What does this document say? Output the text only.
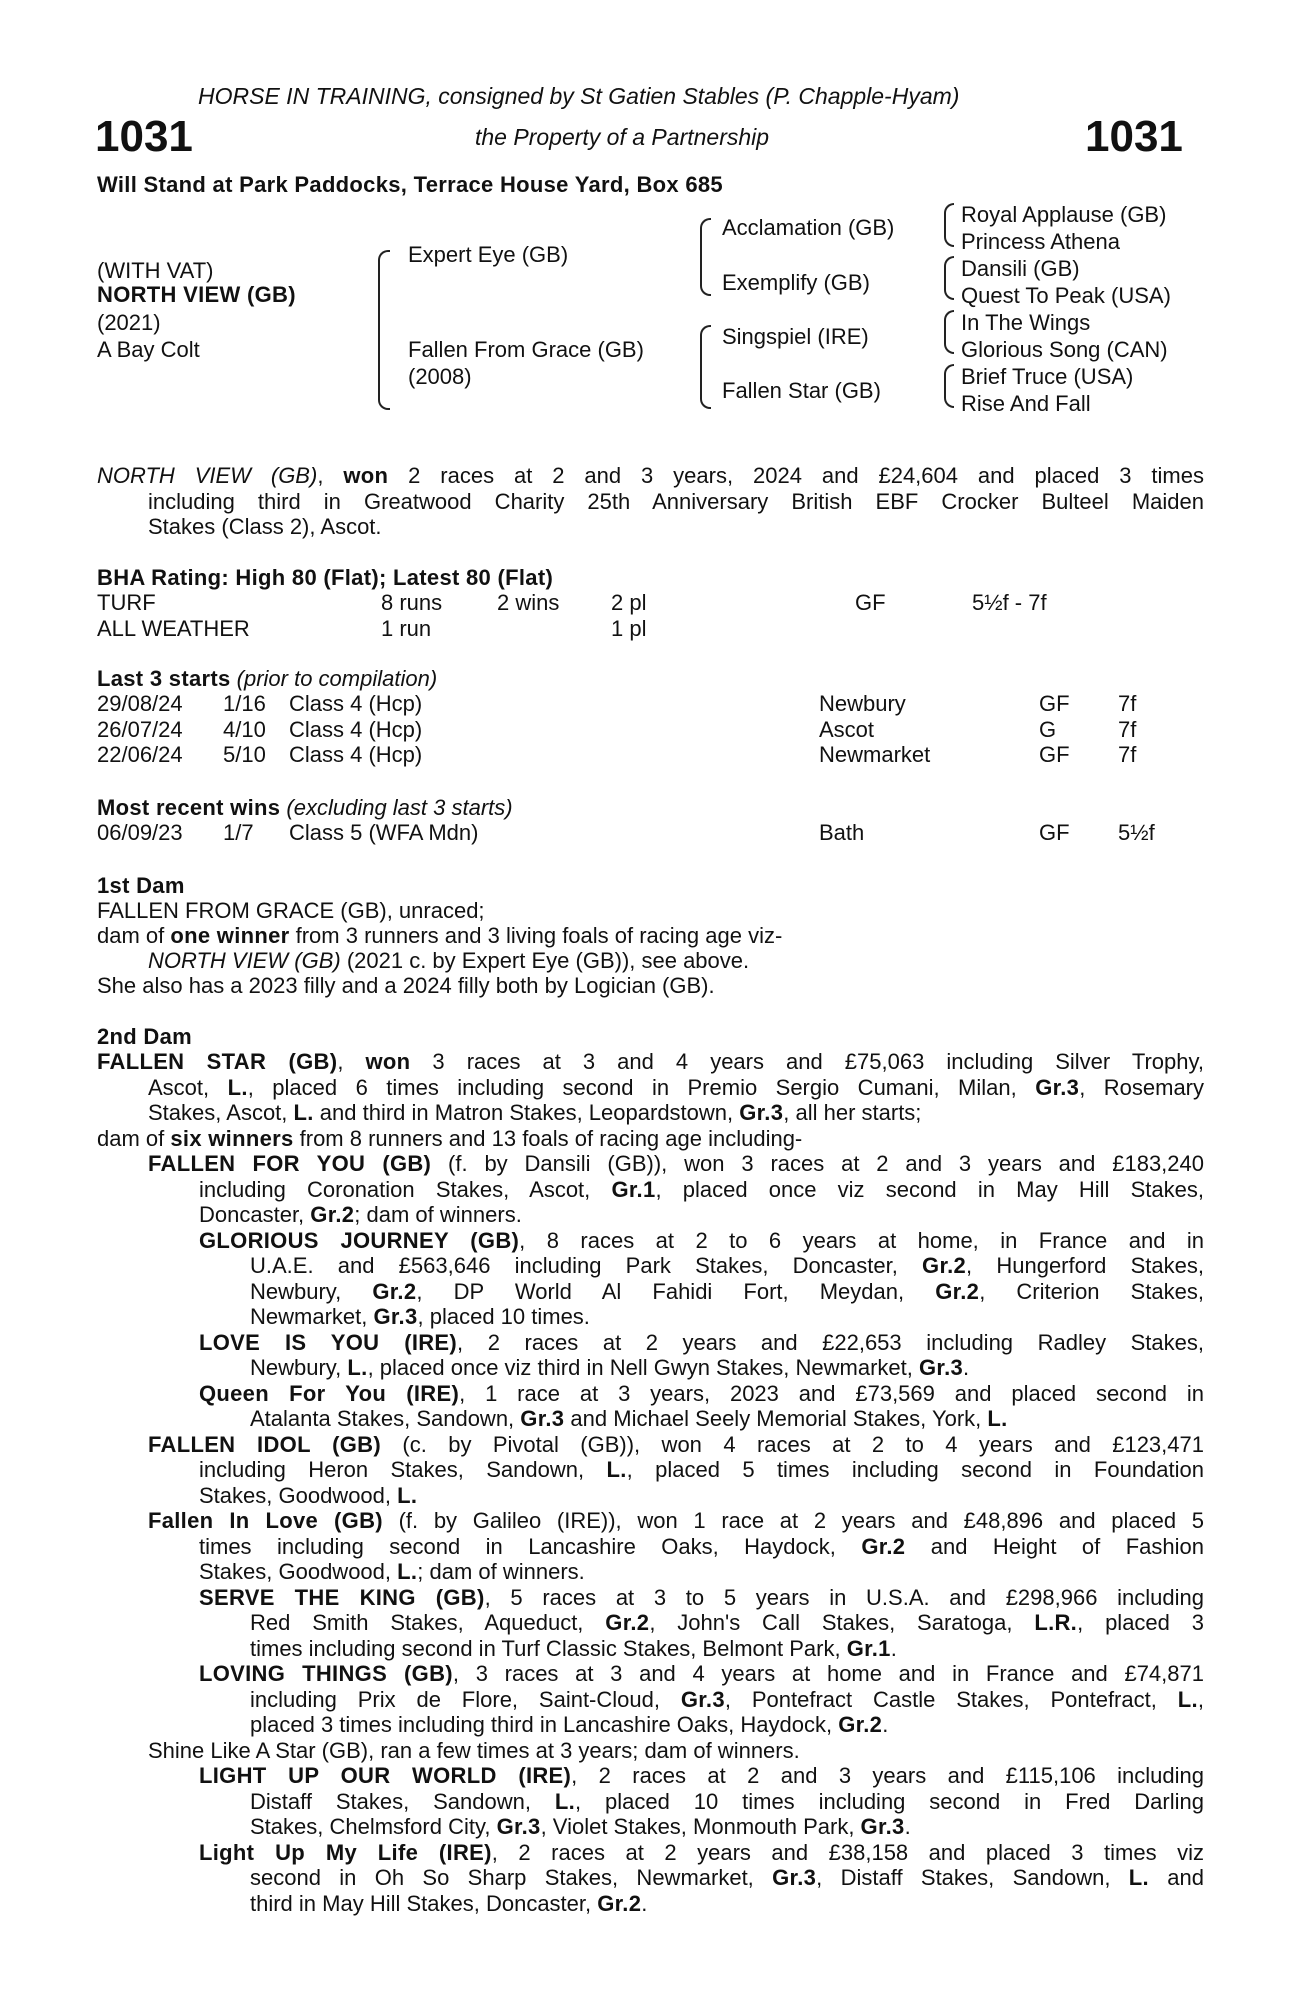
HORSE IN TRAINING, consigned by St Gatien Stables (P. Chapple-Hyam)
1031	the Property of a Partnership	1031
Will Stand at Park Paddocks, Terrace House Yard, Box 685
(WITH VAT)
NORTH VIEW (GB)
(2021)
A Bay Colt
Expert Eye (GB)
Fallen From Grace (GB)
(2008)
Acclamation (GB)
Exemplify (GB)
Singspiel (IRE)
Fallen Star (GB)
Royal Applause (GB)
Princess Athena
Dansili (GB)
Quest To Peak (USA)
In The Wings
Glorious Song (CAN)
Brief Truce (USA)
Rise And Fall
NORTH VIEW (GB), won 2 races at 2 and 3 years, 2024 and £24,604 and placed 3 times
including third in Greatwood Charity 25th Anniversary British EBF Crocker Bulteel Maiden
Stakes (Class 2), Ascot.
BHA Rating: High 80 (Flat); Latest 80 (Flat)
TURF	8 runs 2 wins 2 pl	GF	5½f - 7f
ALL WEATHER	1 run	1 pl
Last 3 starts (prior to compilation)
29/08/24 1/16 Class 4 (Hcp)	Newbury	GF 7f
26/07/24 4/10 Class 4 (Hcp)	Ascot	G	7f
22/06/24 5/10 Class 4 (Hcp)	Newmarket	GF 7f
Most recent wins (excluding last 3 starts)
06/09/23 1/7 Class 5 (WFA Mdn)	Bath	GF 5½f
1st Dam
FALLEN FROM GRACE (GB), unraced;
dam of one winner from 3 runners and 3 living foals of racing age viz-
NORTH VIEW (GB) (2021 c. by Expert Eye (GB)), see above.
She also has a 2023 filly and a 2024 filly both by Logician (GB).
2nd Dam
FALLEN STAR (GB), won 3 races at 3 and 4 years and £75,063 including Silver Trophy,
Ascot, L., placed 6 times including second in Premio Sergio Cumani, Milan, Gr.3, Rosemary
Stakes, Ascot, L. and third in Matron Stakes, Leopardstown, Gr.3, all her starts;
dam of six winners from 8 runners and 13 foals of racing age including-
FALLEN FOR YOU (GB) (f. by Dansili (GB)), won 3 races at 2 and 3 years and £183,240
including Coronation Stakes, Ascot, Gr.1, placed once viz second in May Hill Stakes,
Doncaster, Gr.2; dam of winners.
GLORIOUS JOURNEY (GB), 8 races at 2 to 6 years at home, in France and in
U.A.E. and £563,646 including Park Stakes, Doncaster, Gr.2, Hungerford Stakes,
Newbury, Gr.2, DP World Al Fahidi Fort, Meydan, Gr.2, Criterion Stakes,
Newmarket, Gr.3, placed 10 times.
LOVE IS YOU (IRE), 2 races at 2 years and £22,653 including Radley Stakes,
Newbury, L., placed once viz third in Nell Gwyn Stakes, Newmarket, Gr.3.
Queen For You (IRE), 1 race at 3 years, 2023 and £73,569 and placed second in
Atalanta Stakes, Sandown, Gr.3 and Michael Seely Memorial Stakes, York, L.
FALLEN IDOL (GB) (c. by Pivotal (GB)), won 4 races at 2 to 4 years and £123,471
including Heron Stakes, Sandown, L., placed 5 times including second in Foundation
Stakes, Goodwood, L.
Fallen In Love (GB) (f. by Galileo (IRE)), won 1 race at 2 years and £48,896 and placed 5
times including second in Lancashire Oaks, Haydock, Gr.2 and Height of Fashion
Stakes, Goodwood, L.; dam of winners.
SERVE THE KING (GB), 5 races at 3 to 5 years in U.S.A. and £298,966 including
Red Smith Stakes, Aqueduct, Gr.2, John's Call Stakes, Saratoga, L.R., placed 3
times including second in Turf Classic Stakes, Belmont Park, Gr.1.
LOVING THINGS (GB), 3 races at 3 and 4 years at home and in France and £74,871
including Prix de Flore, Saint-Cloud, Gr.3, Pontefract Castle Stakes, Pontefract, L.,
placed 3 times including third in Lancashire Oaks, Haydock, Gr.2.
Shine Like A Star (GB), ran a few times at 3 years; dam of winners.
LIGHT UP OUR WORLD (IRE), 2 races at 2 and 3 years and £115,106 including
Distaff Stakes, Sandown, L., placed 10 times including second in Fred Darling
Stakes, Chelmsford City, Gr.3, Violet Stakes, Monmouth Park, Gr.3.
Light Up My Life (IRE), 2 races at 2 years and £38,158 and placed 3 times viz
second in Oh So Sharp Stakes, Newmarket, Gr.3, Distaff Stakes, Sandown, L. and
third in May Hill Stakes, Doncaster, Gr.2.
